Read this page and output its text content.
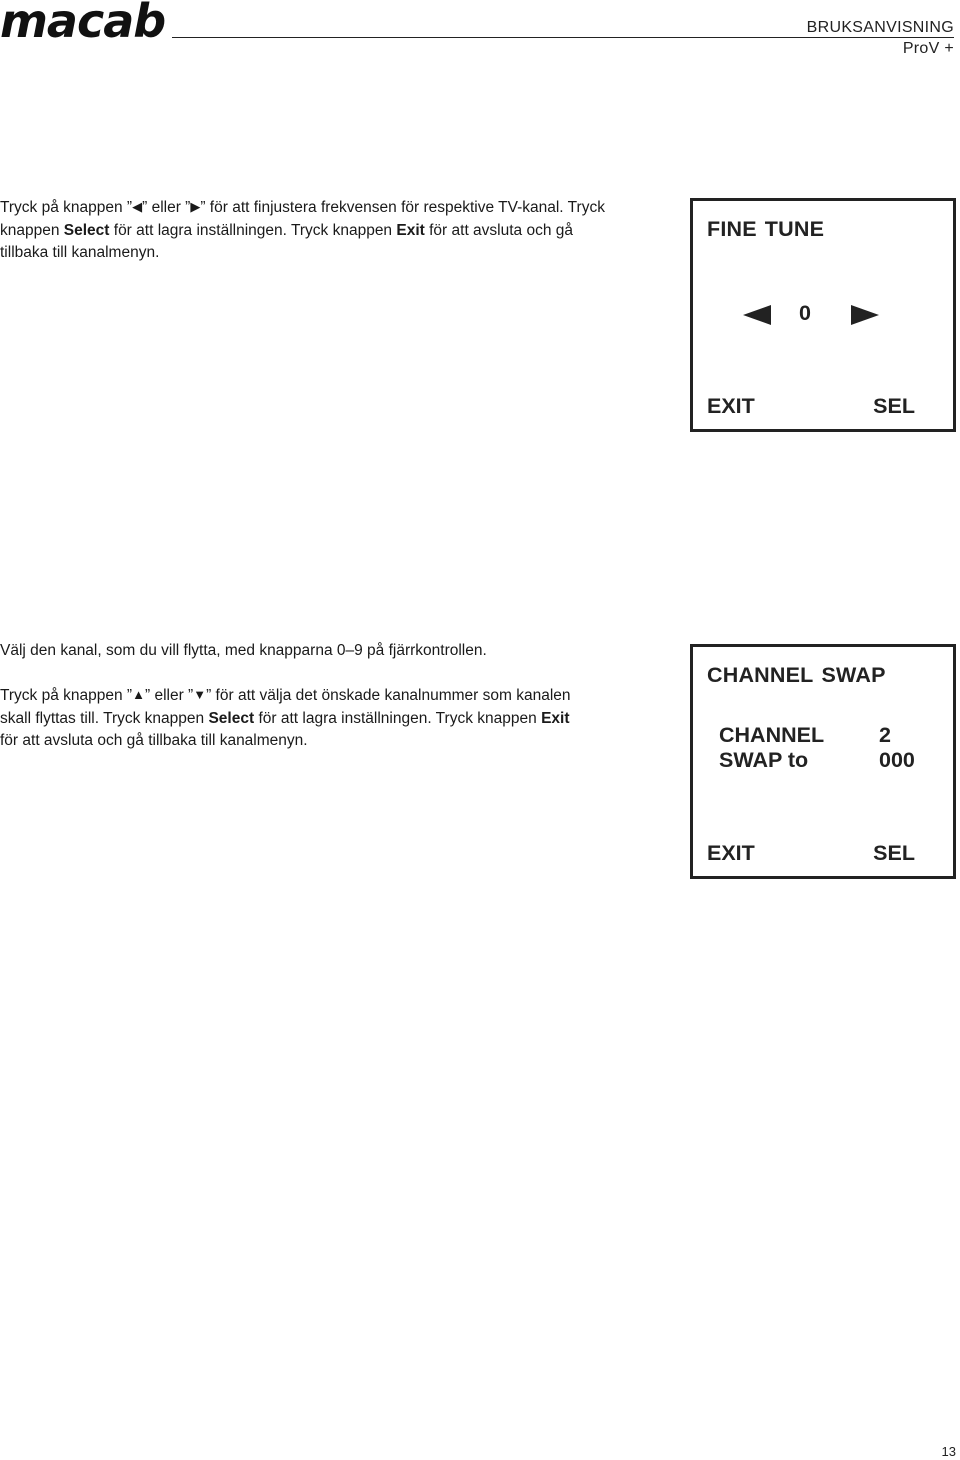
macab	BRUKSANVISNING
ProV +
Tryck på knappen ”◀” eller ”▶” för att finjustera frekvensen för respektive TV-kanal. Tryck knappen Select för att lagra inställningen. Tryck knappen Exit för att avsluta och gå tillbaka till kanalmenyn.
FINE TUNE
0
EXIT	SEL
Välj den kanal, som du vill flytta, med knapparna 0–9 på fjärrkontrollen.
Tryck på knappen ”▲” eller ”▼” för att välja det önskade kanalnummer som kanalen skall flyttas till. Tryck knappen Select för att lagra inställningen. Tryck knappen Exit för att avsluta och gå tillbaka till kanalmenyn.
CHANNEL SWAP
CHANNEL	2
SWAP to	000
EXIT	SEL
13
